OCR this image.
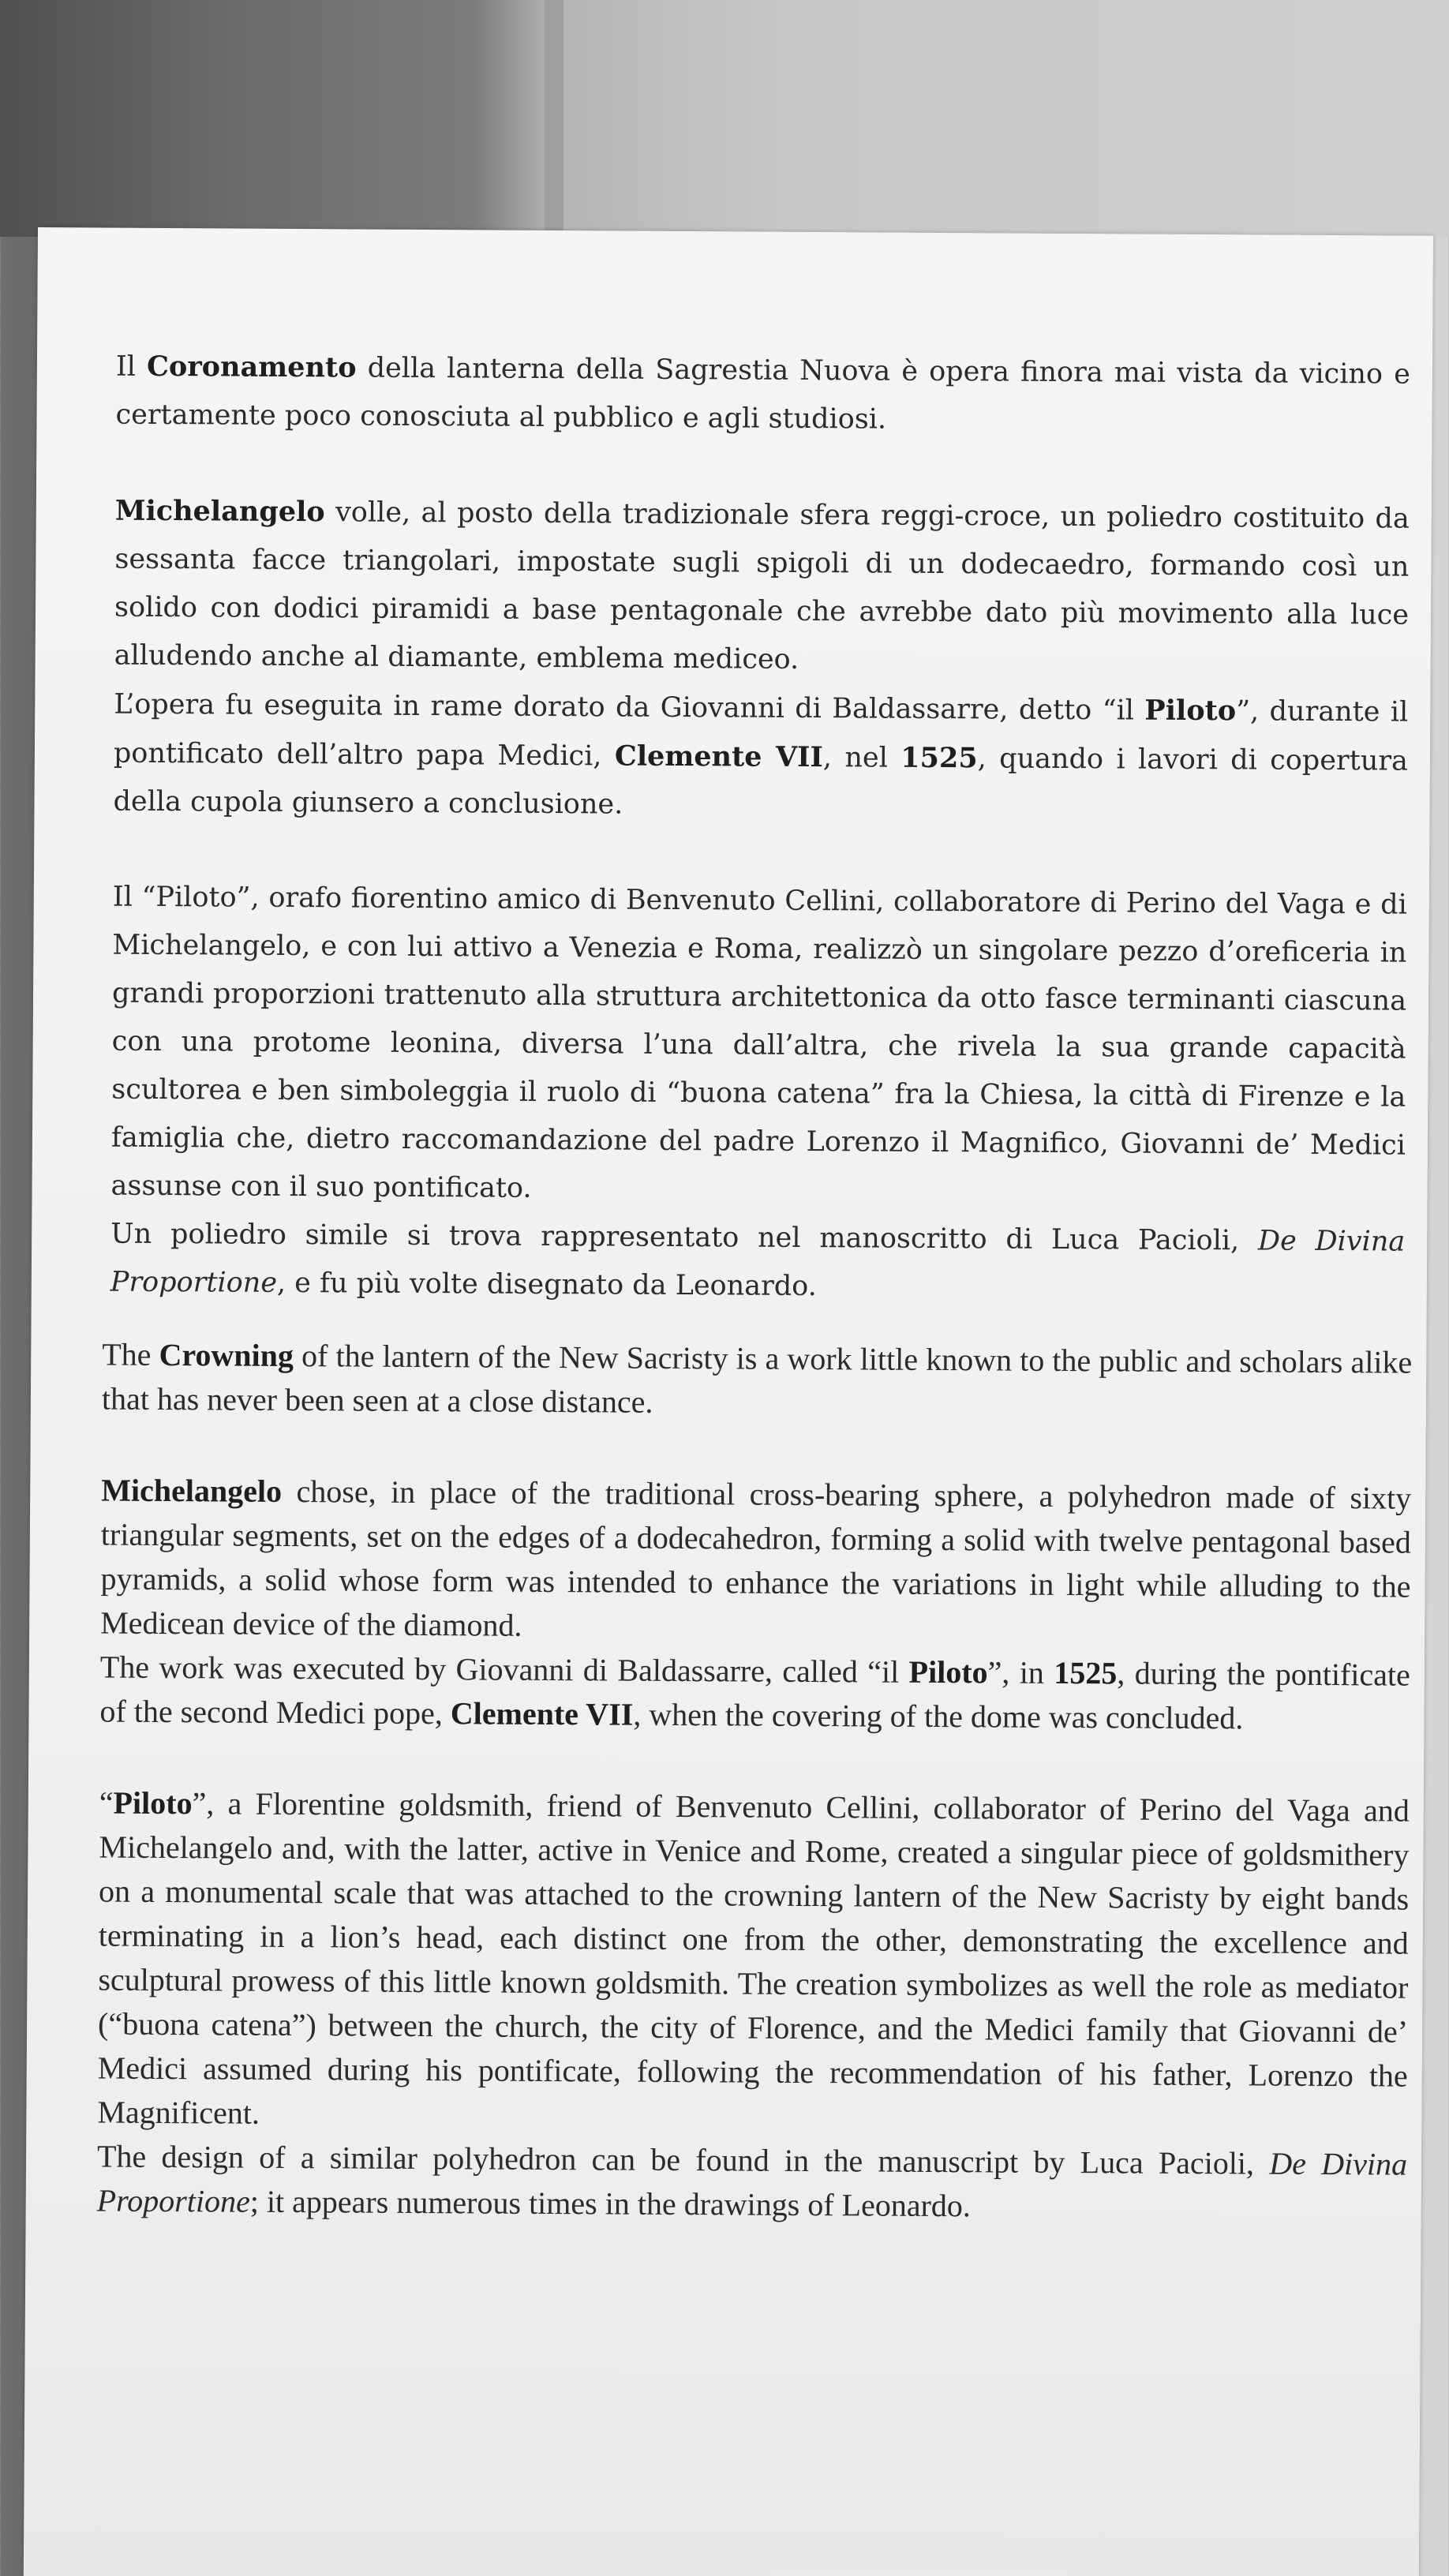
Il Coronamento della lanterna della Sagrestia Nuova è opera finora mai vista da vicino e certamente poco conosciuta al pubblico e agli studiosi.

Michelangelo volle, al posto della tradizionale sfera reggi-croce, un poliedro costituito da sessanta facce triangolari, impostate sugli spigoli di un dodecaedro, formando così un solido con dodici piramidi a base pentagonale che avrebbe dato più movimento alla luce alludendo anche al diamante, emblema mediceo.

L’opera fu eseguita in rame dorato da Giovanni di Baldassarre, detto “il Piloto”, durante il pontificato dell’altro papa Medici, Clemente VII, nel 1525, quando i lavori di copertura della cupola giunsero a conclusione.

Il “Piloto”, orafo fiorentino amico di Benvenuto Cellini, collaboratore di Perino del Vaga e di Michelangelo, e con lui attivo a Venezia e Roma, realizzò un singolare pezzo d’oreficeria in grandi proporzioni trattenuto alla struttura architettonica da otto fasce terminanti ciascuna con una protome leonina, diversa l’una dall’altra, che rivela la sua grande capacità scultorea e ben simboleggia il ruolo di “buona catena” fra la Chiesa, la città di Firenze e la famiglia che, dietro raccomandazione del padre Lorenzo il Magnifico, Giovanni de’ Medici assunse con il suo pontificato.

Un poliedro simile si trova rappresentato nel manoscritto di Luca Pacioli, De Divina Proportione, e fu più volte disegnato da Leonardo.

The Crowning of the lantern of the New Sacristy is a work little known to the public and scholars alike that has never been seen at a close distance.

Michelangelo chose, in place of the traditional cross-bearing sphere, a polyhedron made of sixty triangular segments, set on the edges of a dodecahedron, forming a solid with twelve pentagonal based pyramids, a solid whose form was intended to enhance the variations in light while alluding to the Medicean device of the diamond.

The work was executed by Giovanni di Baldassarre, called “il Piloto”, in 1525, during the pontificate of the second Medici pope, Clemente VII, when the covering of the dome was concluded.

“Piloto”, a Florentine goldsmith, friend of Benvenuto Cellini, collaborator of Perino del Vaga and Michelangelo and, with the latter, active in Venice and Rome, created a singular piece of goldsmithery on a monumental scale that was attached to the crowning lantern of the New Sacristy by eight bands terminating in a lion’s head, each distinct one from the other, demonstrating the excellence and sculptural prowess of this little known goldsmith. The creation symbolizes as well the role as mediator (“buona catena”) between the church, the city of Florence, and the Medici family that Giovanni de’ Medici assumed during his pontificate, following the recommendation of his father, Lorenzo the Magnificent.

The design of a similar polyhedron can be found in the manuscript by Luca Pacioli, De Divina Proportione; it appears numerous times in the drawings of Leonardo.
